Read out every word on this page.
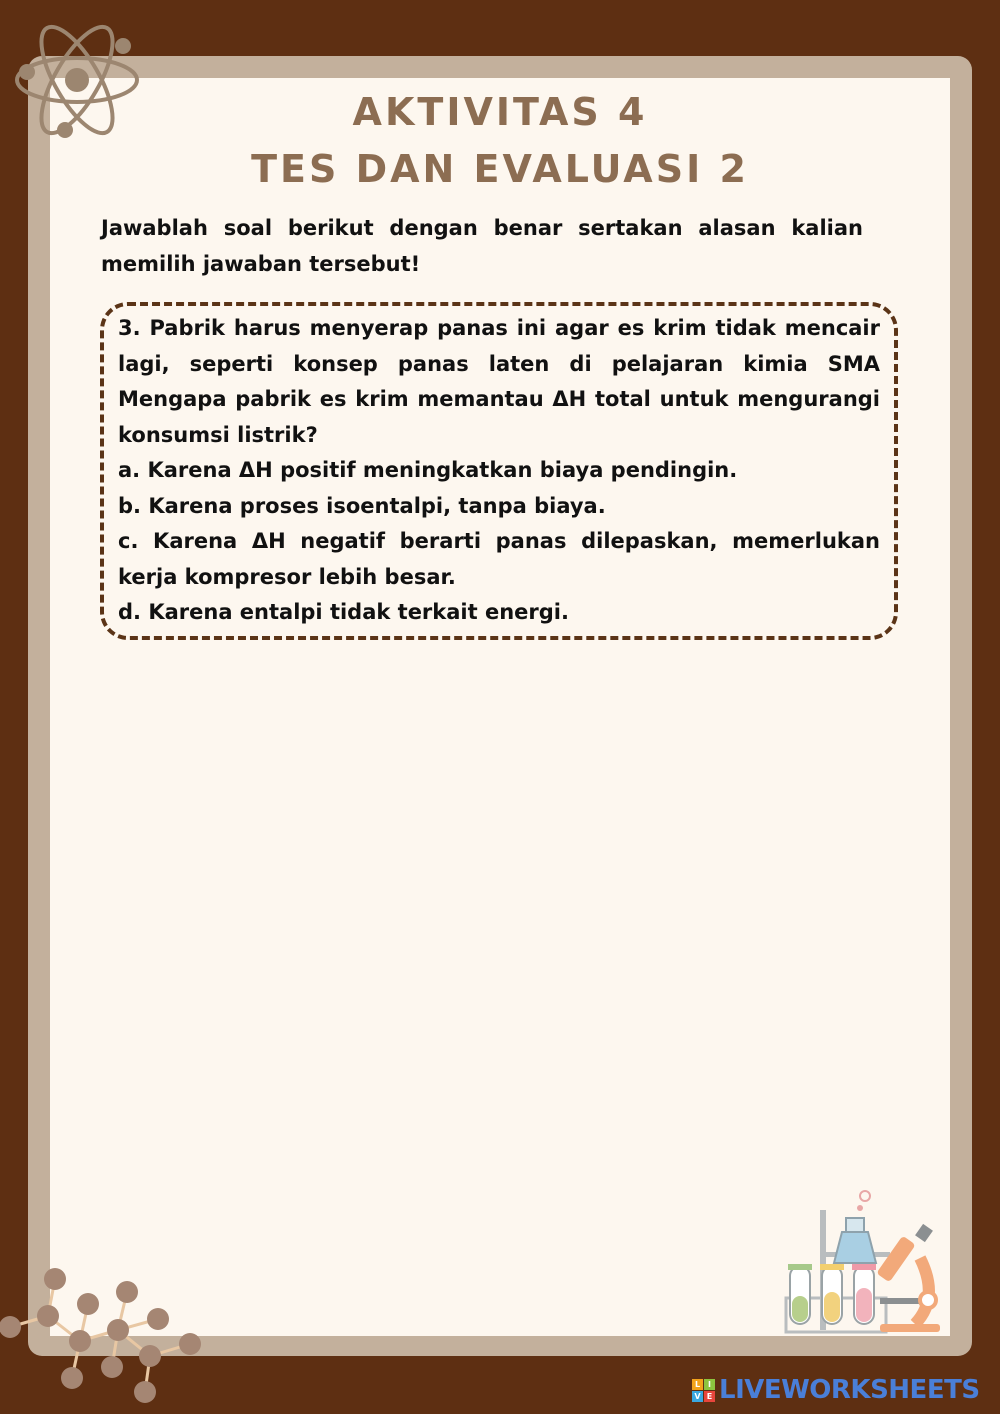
AKTIVITAS 4
TES DAN EVALUASI 2
Jawablah soal berikut dengan benar sertakan alasan kalian memilih jawaban tersebut!
3. Pabrik harus menyerap panas ini agar es krim tidak mencair lagi, seperti konsep panas laten di pelajaran kimia SMA Mengapa pabrik es krim memantau ΔH total untuk mengurangi konsumsi listrik?
a. Karena ΔH positif meningkatkan biaya pendingin.
b. Karena proses isoentalpi, tanpa biaya.
c. Karena ΔH negatif berarti panas dilepaskan, memerlukan kerja kompresor lebih besar.
d. Karena entalpi tidak terkait energi.
L I
V E LIVEWORKSHEETS
